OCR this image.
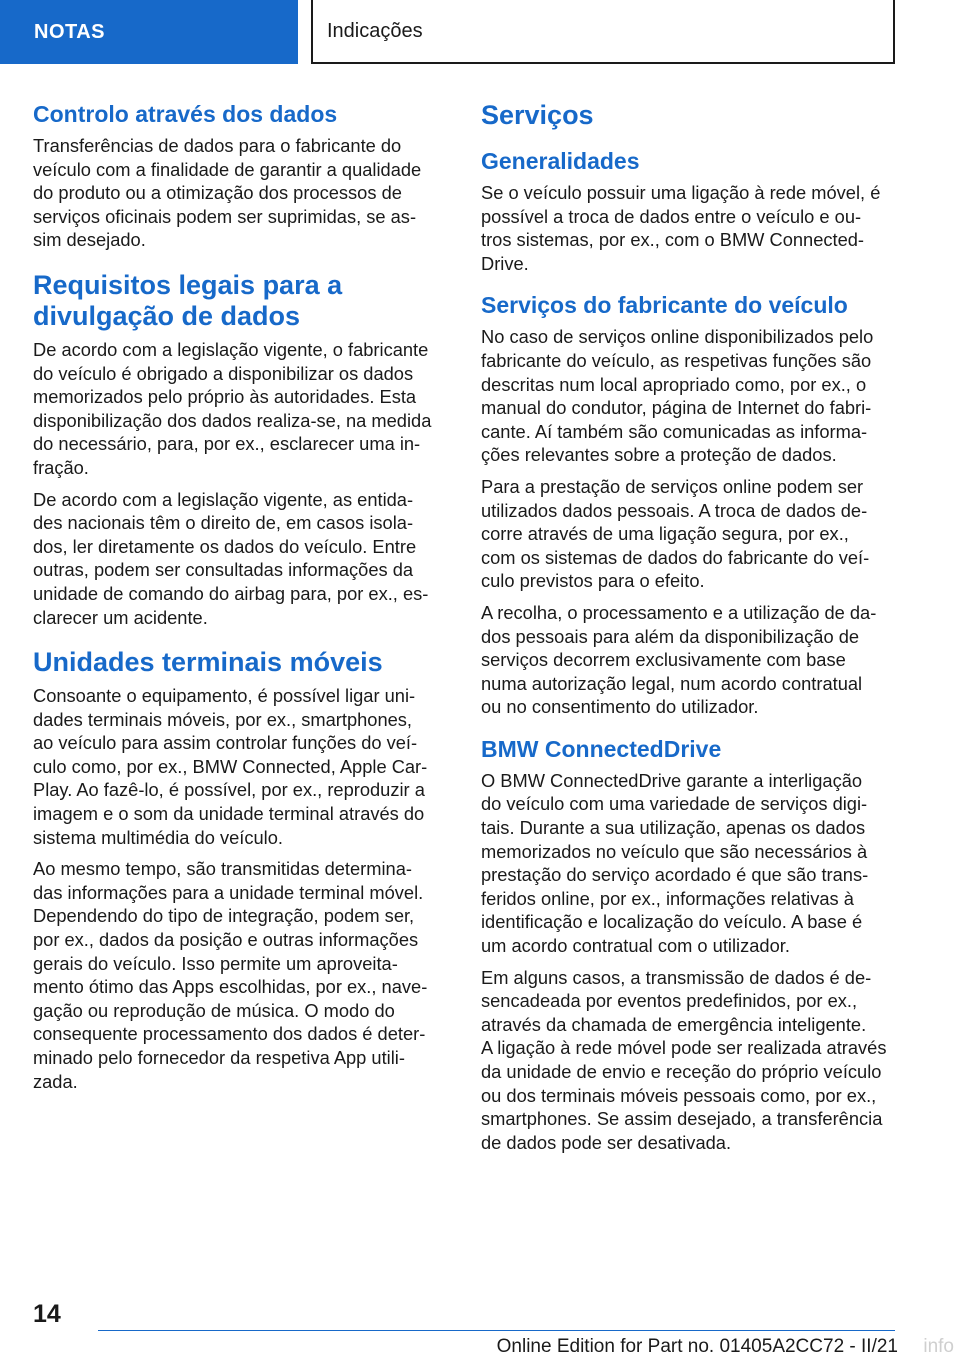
NOTAS	Indicações
Controlo através dos dados

Transferências de dados para o fabricante do
veículo com a finalidade de garantir a qualidade
do produto ou a otimização dos processos de
serviços oficinais podem ser suprimidas, se as-
sim desejado.

Requisitos legais para a
divulgação de dados

De acordo com a legislação vigente, o fabricante
do veículo é obrigado a disponibilizar os dados
memorizados pelo próprio às autoridades. Esta
disponibilização dos dados realiza-se, na medida
do necessário, para, por ex., esclarecer uma in-
fração.

De acordo com a legislação vigente, as entida-
des nacionais têm o direito de, em casos isola-
dos, ler diretamente os dados do veículo. Entre
outras, podem ser consultadas informações da
unidade de comando do airbag para, por ex., es-
clarecer um acidente.

Unidades terminais móveis

Consoante o equipamento, é possível ligar uni-
dades terminais móveis, por ex., smartphones,
ao veículo para assim controlar funções do veí-
culo como, por ex., BMW Connected, Apple Car-
Play. Ao fazê-lo, é possível, por ex., reproduzir a
imagem e o som da unidade terminal através do
sistema multimédia do veículo.

Ao mesmo tempo, são transmitidas determina-
das informações para a unidade terminal móvel.
Dependendo do tipo de integração, podem ser,
por ex., dados da posição e outras informações
gerais do veículo. Isso permite um aproveita-
mento ótimo das Apps escolhidas, por ex., nave-
gação ou reprodução de música. O modo do
consequente processamento dos dados é deter-
minado pelo fornecedor da respetiva App utili-
zada.

Serviços
Generalidades

Se o veículo possuir uma ligação à rede móvel, é
possível a troca de dados entre o veículo e ou-
tros sistemas, por ex., com o BMW Connected-
Drive.

Serviços do fabricante do veículo

No caso de serviços online disponibilizados pelo
fabricante do veículo, as respetivas funções são
descritas num local apropriado como, por ex., o
manual do condutor, página de Internet do fabri-
cante. Aí também são comunicadas as informa-
ções relevantes sobre a proteção de dados.

Para a prestação de serviços online podem ser
utilizados dados pessoais. A troca de dados de-
corre através de uma ligação segura, por ex.,
com os sistemas de dados do fabricante do veí-
culo previstos para o efeito.

A recolha, o processamento e a utilização de da-
dos pessoais para além da disponibilização de
serviços decorrem exclusivamente com base
numa autorização legal, num acordo contratual
ou no consentimento do utilizador.

BMW ConnectedDrive

O BMW ConnectedDrive garante a interligação
do veículo com uma variedade de serviços digi-
tais. Durante a sua utilização, apenas os dados
memorizados no veículo que são necessários à
prestação do serviço acordado é que são trans-
feridos online, por ex., informações relativas à
identificação e localização do veículo. A base é
um acordo contratual com o utilizador.

Em alguns casos, a transmissão de dados é de-
sencadeada por eventos predefinidos, por ex.,
através da chamada de emergência inteligente.
A ligação à rede móvel pode ser realizada através
da unidade de envio e receção do próprio veículo
ou dos terminais móveis pessoais como, por ex.,
smartphones. Se assim desejado, a transferência
de dados pode ser desativada.

14
Online Edition for Part no. 01405A2CC72 - II/21 info
